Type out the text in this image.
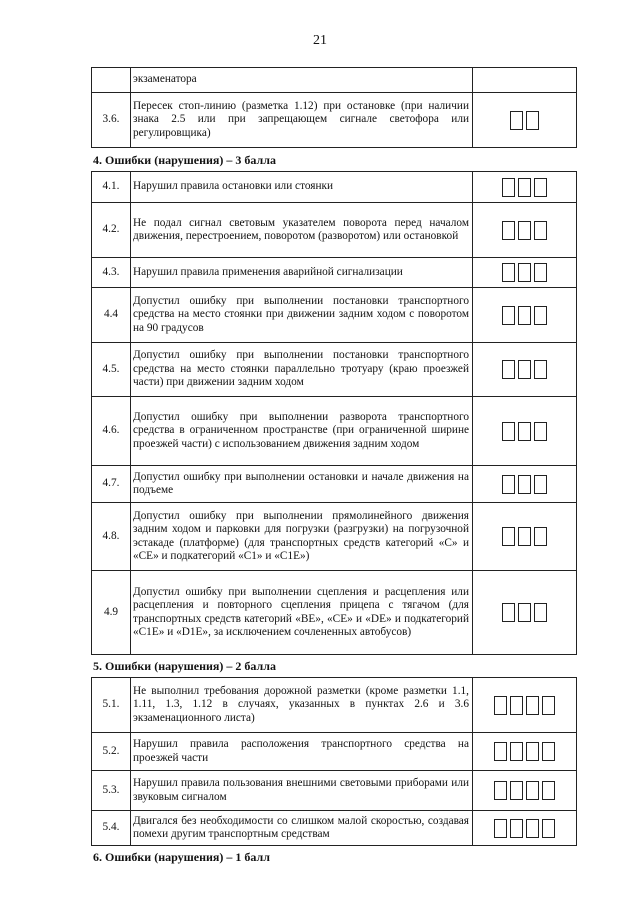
21
	экзаменатора	
3.6.	Пересек стоп-линию (разметка 1.12) при остановке (при наличии знака 2.5 или при запрещающем сигнале светофора или регулировщика)	
4. Ошибки (нарушения) – 3 балла
4.1.	Нарушил правила остановки или стоянки	
4.2.	Не подал сигнал световым указателем поворота перед началом движения, перестроением, поворотом (разворотом) или остановкой	
4.3.	Нарушил правила применения аварийной сигнализации	
4.4	Допустил ошибку при выполнении постановки транспортного средства на место стоянки при движении задним ходом с поворотом на 90 градусов	
4.5.	Допустил ошибку при выполнении постановки транспортного средства на место стоянки параллельно тротуару (краю проезжей части) при движении задним ходом	
4.6.	Допустил ошибку при выполнении разворота транспортного средства в ограниченном пространстве (при ограниченной ширине проезжей части) с использованием движения задним ходом	
4.7.	Допустил ошибку при выполнении остановки и начале движения на подъеме	
4.8.	Допустил ошибку при выполнении прямолинейного движения задним ходом и парковки для погрузки (разгрузки) на погрузочной эстакаде (платформе) (для транспортных средств категорий «С» и «СЕ» и подкатегорий «С1» и «С1Е»)	
4.9	Допустил ошибку при выполнении сцепления и расцепления или расцепления и повторного сцепления прицепа с тягачом (для транспортных средств категорий «ВЕ», «СЕ» и «DE» и подкатегорий «С1Е» и «D1E», за исключением сочлененных автобусов)	
5. Ошибки (нарушения) – 2 балла
5.1.	Не выполнил требования дорожной разметки (кроме разметки 1.1, 1.11, 1.3, 1.12 в случаях, указанных в пунктах 2.6 и 3.6 экзаменационного листа)	
5.2.	Нарушил правила расположения транспортного средства на проезжей части	
5.3.	Нарушил правила пользования внешними световыми приборами или звуковым сигналом	
5.4.	Двигался без необходимости со слишком малой скоростью, создавая помехи другим транспортным средствам	
6. Ошибки (нарушения) – 1 балл
